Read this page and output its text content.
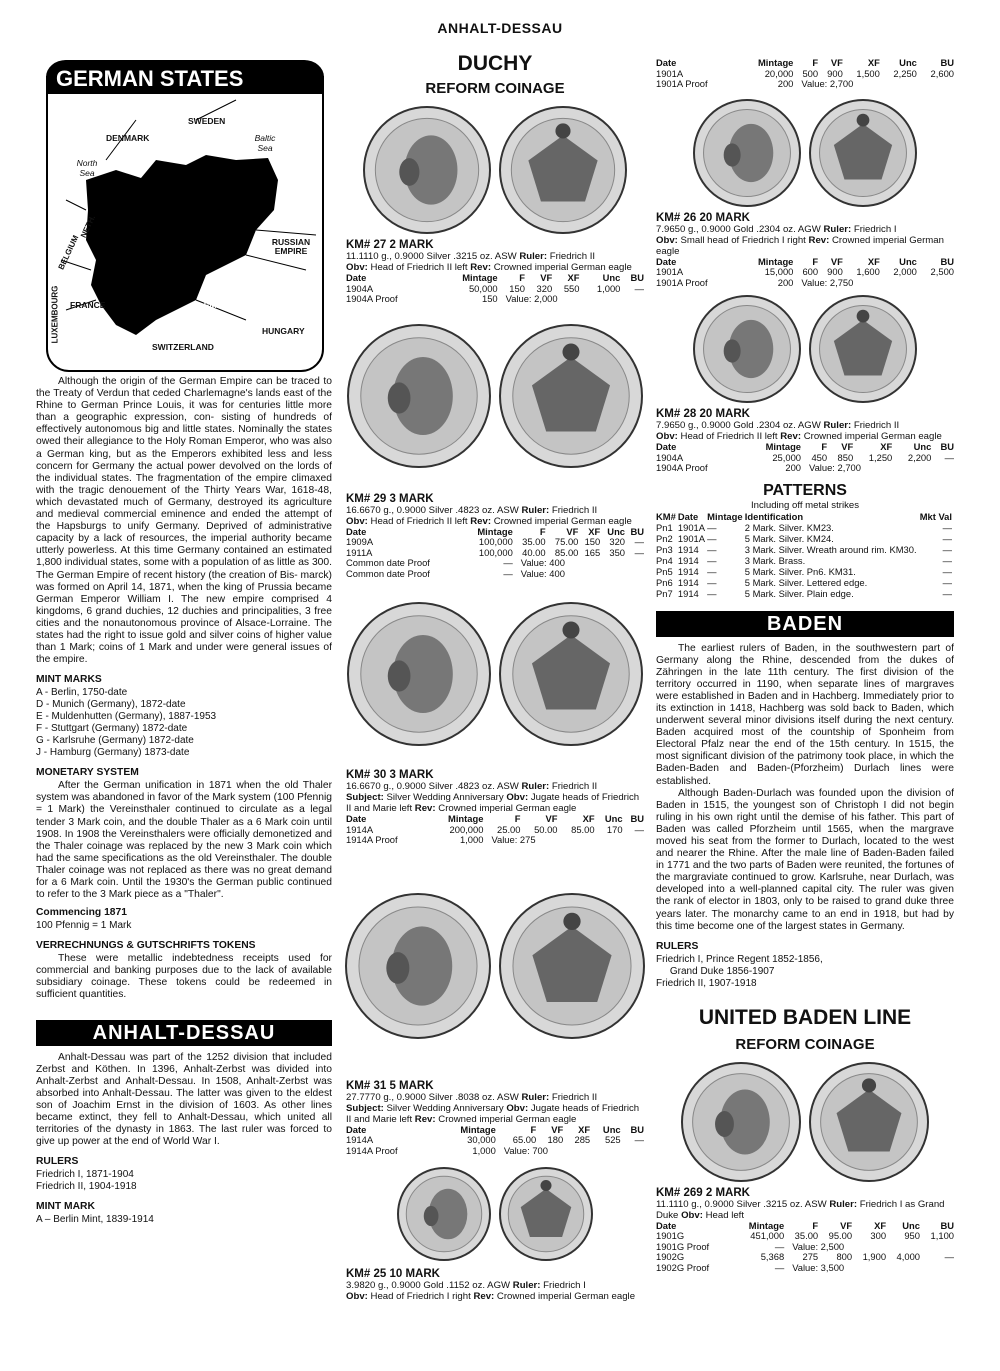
ANHALT-DESSAU
GERMAN STATES
SWEDEN
DENMARK	Baltic Sea
North Sea
NETH.
BELGIUM
LUXEMBOURG FRANCE
AUSTRIAN EMPIRE
RUSSIAN EMPIRE
HUNGARY
SWITZERLAND

Although the origin of the German Empire can be traced to the Treaty of Verdun that ceded Charlemagne's lands east of the Rhine to German Prince Louis, it was for centuries little more than a geographic expression, con- sisting of hundreds of effectively autonomous big and little states. Nominally the states owed their allegiance to the Holy Roman Emperor, who was also a German king, but as the Emperors exhibited less and less concern for Germany the actual power devolved on the lords of the individual states. The fragmentation of the empire climaxed with the tragic denouement of the Thirty Years War, 1618-48, which devastated much of Germany, destroyed its agriculture and medieval commercial eminence and ended the attempt of the Hapsburgs to unify Germany. Deprived of administrative capacity by a lack of resources, the imperial authority became utterly powerless. At this time Germany contained an estimated 1,800 individual states, some with a population of as little as 300. The German Empire of recent history (the creation of Bis- marck) was formed on April 14, 1871, when the king of Prussia became German Emperor William I. The new empire comprised 4 kingdoms, 6 grand duchies, 12 duchies and principalities, 3 free cities and the nonautonomous province of Alsace-Lorraine. The states had the right to issue gold and silver coins of higher value than 1 Mark; coins of 1 Mark and under were general issues of the empire.

MINT MARKS
A - Berlin, 1750-date
D - Munich (Germany), 1872-date
E - Muldenhutten (Germany), 1887-1953
F - Stuttgart (Germany) 1872-date
G - Karlsruhe (Germany) 1872-date
J - Hamburg (Germany) 1873-date
MONETARY SYSTEM

After the German unification in 1871 when the old Thaler system was abandoned in favor of the Mark system (100 Pfennig = 1 Mark) the Vereinsthaler continued to circulate as a legal tender 3 Mark coin, and the double Thaler as a 6 Mark coin until 1908. In 1908 the Vereinsthalers were officially demonetized and the Thaler coinage was replaced by the new 3 Mark coin which had the same specifications as the old Vereinsthaler. The double Thaler coinage was not replaced as there was no great demand for a 6 Mark coin. Until the 1930's the German public continued to refer to the 3 Mark piece as a "Thaler".

Commencing 1871
100 Pfennig = 1 Mark
VERRECHNUNGS & GUTSCHRIFTS TOKENS

These were metallic indebtedness receipts used for commercial and banking purposes due to the lack of available subsidiary coinage. These tokens could be redeemed in sufficient quantities.

ANHALT-DESSAU

Anhalt-Dessau was part of the 1252 division that included Zerbst and Köthen. In 1396, Anhalt-Zerbst was divided into Anhalt-Zerbst and Anhalt-Dessau. In 1508, Anhalt-Zerbst was absorbed into Anhalt-Dessau. The latter was given to the eldest son of Joachim Ernst in the division of 1603. As other lines became extinct, they fell to Anhalt-Dessau, which united all territories of the dynasty in 1863. The last ruler was forced to give up power at the end of World War I.

RULERS
Friedrich I, 1871-1904
Friedrich II, 1904-1918
MINT MARK
A – Berlin Mint, 1839-1914
DUCHY
REFORM COINAGE
KM# 27 2 MARK
11.1110 g., 0.9000 Silver .3215 oz. ASW Ruler: Friedrich II
Obv: Head of Friedrich II left Rev: Crowned imperial German eagle
Date	Mintage	F	VF	XF	Unc	BU
1904A	50,000	150	320	550	1,000	—
1904A Proof	150	Value: 2,000				
KM# 29 3 MARK
16.6670 g., 0.9000 Silver .4823 oz. ASW Ruler: Friedrich II
Obv: Head of Friedrich II left Rev: Crowned imperial German eagle
Date	Mintage	F	VF	XF	Unc	BU
1909A	100,000	35.00	75.00	150	320	—
1911A	100,000	40.00	85.00	165	350	—
Common date Proof	—	Value: 400				
Common date Proof	—	Value: 400				
KM# 30 3 MARK
16.6670 g., 0.9000 Silver .4823 oz. ASW Ruler: Friedrich II
Subject: Silver Wedding Anniversary Obv: Jugate heads of Friedrich II and Marie left Rev: Crowned imperial German eagle
Date	Mintage	F	VF	XF	Unc	BU
1914A	200,000	25.00	50.00	85.00	170	—
1914A Proof	1,000	Value: 275				
KM# 31 5 MARK
27.7770 g., 0.9000 Silver .8038 oz. ASW Ruler: Friedrich II
Subject: Silver Wedding Anniversary Obv: Jugate heads of Friedrich II and Marie left Rev: Crowned imperial German eagle
Date	Mintage	F	VF	XF	Unc	BU
1914A	30,000	65.00	180	285	525	—
1914A Proof	1,000	Value: 700				
KM# 25 10 MARK
3.9820 g., 0.9000 Gold .1152 oz. AGW Ruler: Friedrich I
Obv: Head of Friedrich I right Rev: Crowned imperial German eagle
Date	Mintage	F	VF	XF	Unc	BU
1901A	20,000	500	900	1,500	2,250	2,600
1901A Proof	200	Value: 2,700				
KM# 26 20 MARK
7.9650 g., 0.9000 Gold .2304 oz. AGW Ruler: Friedrich I
Obv: Small head of Friedrich I right Rev: Crowned imperial German eagle
Date	Mintage	F	VF	XF	Unc	BU
1901A	15,000	600	900	1,600	2,000	2,500
1901A Proof	200	Value: 2,750				
KM# 28 20 MARK
7.9650 g., 0.9000 Gold .2304 oz. AGW Ruler: Friedrich II
Obv: Head of Friedrich II left Rev: Crowned imperial German eagle
Date	Mintage	F	VF	XF	Unc	BU
1904A	25,000	450	850	1,250	2,200	—
1904A Proof	200	Value: 2,700				
PATTERNS
Including off metal strikes
KM#	Date	Mintage	Identification	Mkt Val
Pn1	1901A	—	2 Mark. Silver. KM23.	—
Pn2	1901A	—	5 Mark. Silver. KM24.	—
Pn3	1914	—	3 Mark. Silver. Wreath around rim. KM30.	—
Pn4	1914	—	3 Mark. Brass.	—
Pn5	1914	—	5 Mark. Silver. Pn6. KM31.	—
Pn6	1914	—	5 Mark. Silver. Lettered edge.	—
Pn7	1914	—	5 Mark. Silver. Plain edge.	—
BADEN

The earliest rulers of Baden, in the southwestern part of Germany along the Rhine, descended from the dukes of Zähringen in the late 11th century. The first division of the territory occurred in 1190, when separate lines of margraves were established in Baden and in Hachberg. Immediately prior to its extinction in 1418, Hachberg was sold back to Baden, which underwent several minor divisions itself during the next century. Baden acquired most of the countship of Sponheim from Electoral Pfalz near the end of the 15th century. In 1515, the most significant division of the patrimony took place, in which the Baden-Baden and Baden-(Pforzheim) Durlach lines were established.

Although Baden-Durlach was founded upon the division of Baden in 1515, the youngest son of Christoph I did not begin ruling in his own right until the demise of his father. This part of Baden was called Pforzheim until 1565, when the margrave moved his seat from the former to Durlach, located to the west and nearer the Rhine. After the male line of Baden-Baden failed in 1771 and the two parts of Baden were reunited, the fortunes of the margraviate continued to grow. Karlsruhe, near Durlach, was developed into a well-planned capital city. The ruler was given the rank of elector in 1803, only to be raised to grand duke three years later. The monarchy came to an end in 1918, but had by this time become one of the largest states in Germany.

RULERS
Friedrich I, Prince Regent 1852-1856,
Grand Duke 1856-1907
Friedrich II, 1907-1918
UNITED BADEN LINE
REFORM COINAGE
KM# 269 2 MARK
11.1110 g., 0.9000 Silver .3215 oz. ASW Ruler: Friedrich I as Grand Duke Obv: Head left
Date	Mintage	F	VF	XF	Unc	BU
1901G	451,000	35.00	95.00	300	950	1,100
1901G Proof	—	Value: 2,500				
1902G	5,368	275	800	1,900	4,000	—
1902G Proof	—	Value: 3,500				
